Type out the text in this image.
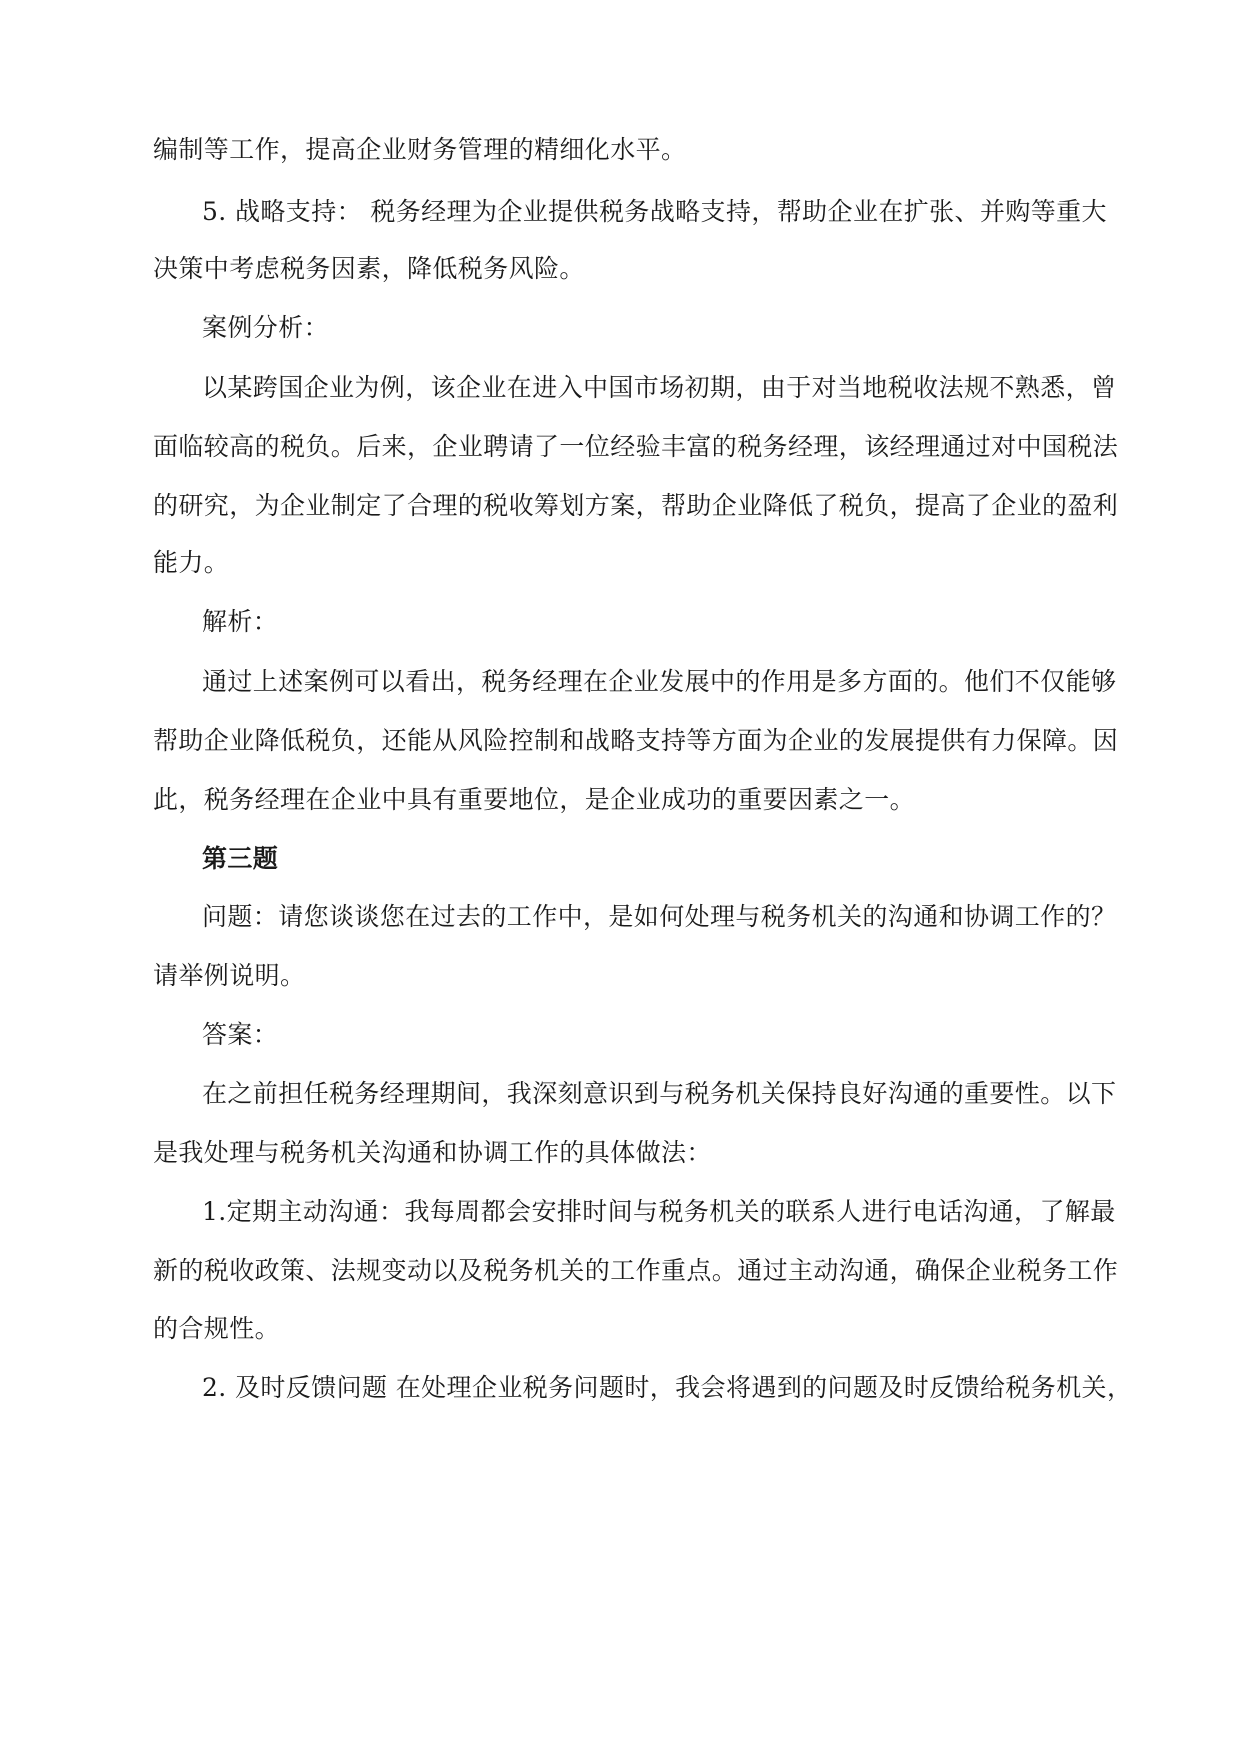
编制等工作，提高企业财务管理的精细化水平。
5. 战略支持： 税务经理为企业提供税务战略支持，帮助企业在扩张、并购等重大
决策中考虑税务因素，降低税务风险。
案例分析：
以某跨国企业为例，该企业在进入中国市场初期，由于对当地税收法规不熟悉，曾
面临较高的税负。后来，企业聘请了一位经验丰富的税务经理，该经理通过对中国税法
的研究，为企业制定了合理的税收筹划方案，帮助企业降低了税负，提高了企业的盈利
能力。
解析：
通过上述案例可以看出，税务经理在企业发展中的作用是多方面的。他们不仅能够
帮助企业降低税负，还能从风险控制和战略支持等方面为企业的发展提供有力保障。因
此，税务经理在企业中具有重要地位，是企业成功的重要因素之一。
第三题
问题：请您谈谈您在过去的工作中，是如何处理与税务机关的沟通和协调工作的？
请举例说明。
答案：
在之前担任税务经理期间，我深刻意识到与税务机关保持良好沟通的重要性。以下
是我处理与税务机关沟通和协调工作的具体做法：
1.定期主动沟通：我每周都会安排时间与税务机关的联系人进行电话沟通，了解最
新的税收政策、法规变动以及税务机关的工作重点。通过主动沟通，确保企业税务工作
的合规性。
2. 及时反馈问题 在处理企业税务问题时，我会将遇到的问题及时反馈给税务机关，
